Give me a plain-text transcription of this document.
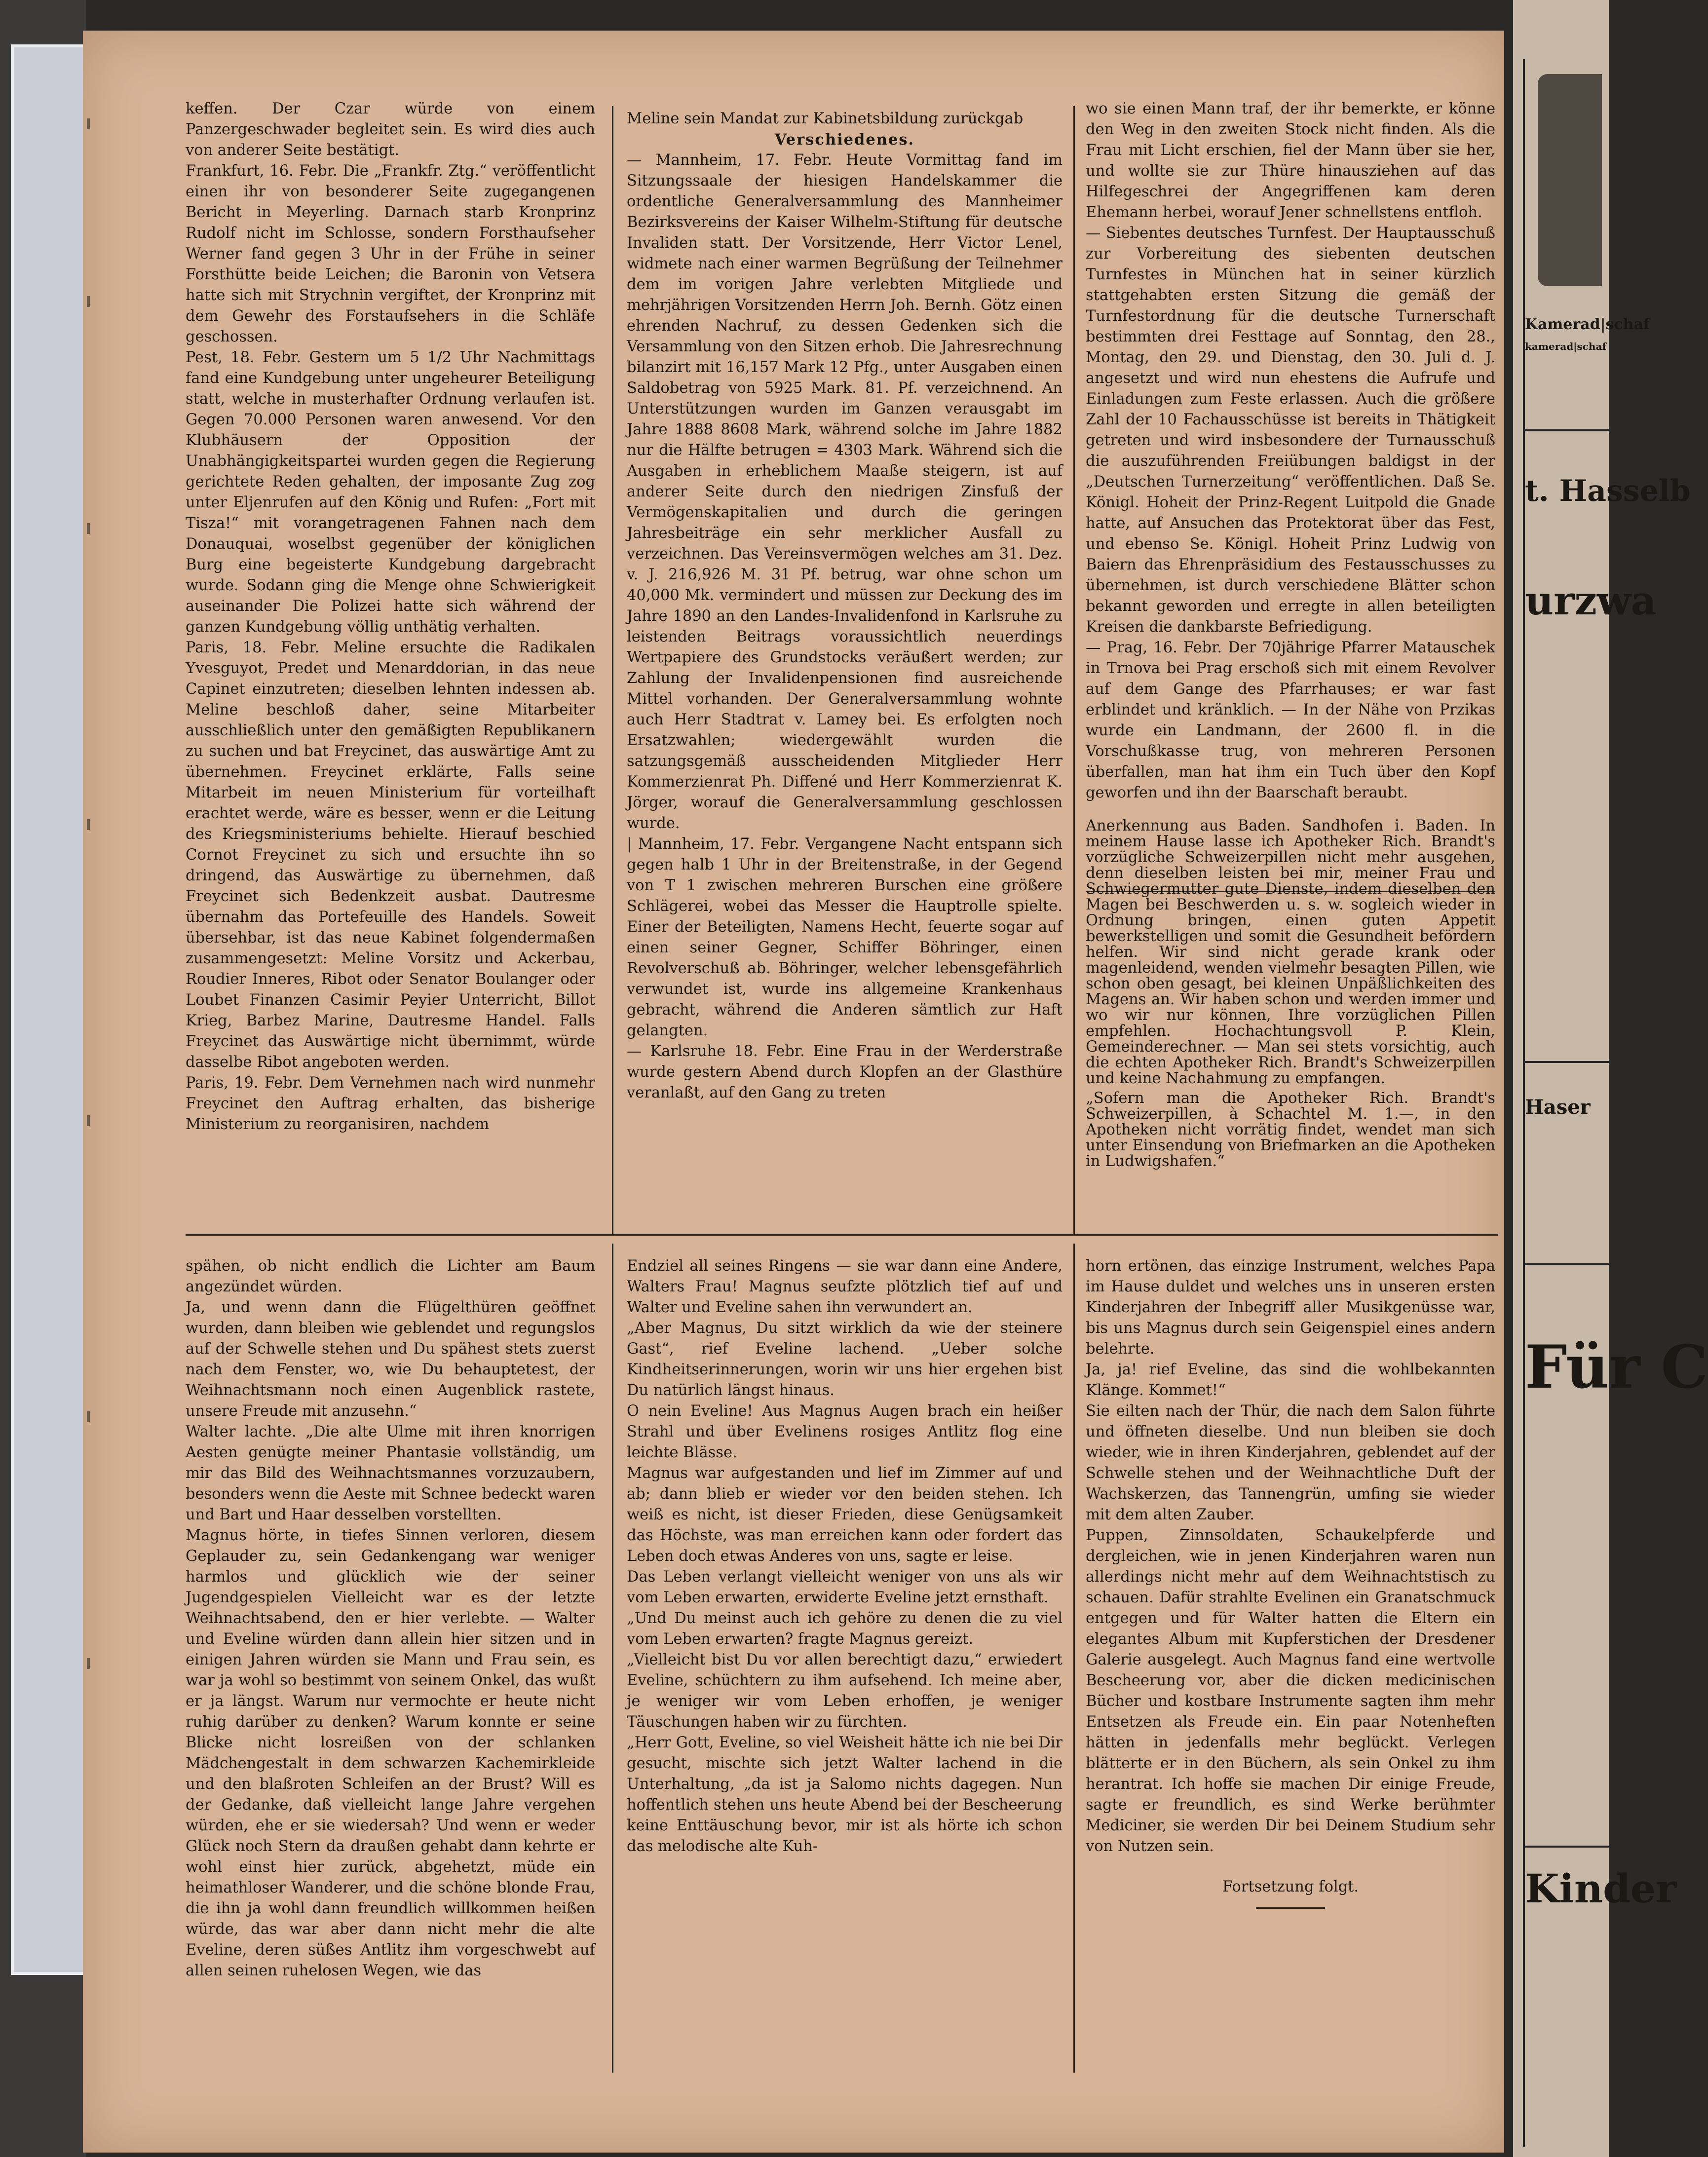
keffen. Der Czar würde von einem Panzergeschwader begleitet sein. Es wird dies auch von anderer Seite bestätigt.

Frankfurt, 16. Febr. Die „Frankfr. Ztg.“ veröffentlicht einen ihr von besonderer Seite zugegangenen Bericht in Meyerling. Darnach starb Kronprinz Rudolf nicht im Schlosse, sondern Forsthaufseher Werner fand gegen 3 Uhr in der Frühe in seiner Forsthütte beide Leichen; die Baronin von Vetsera hatte sich mit Strychnin vergiftet, der Kronprinz mit dem Gewehr des Forstaufsehers in die Schläfe geschossen.

Pest, 18. Febr. Gestern um 5 1/2 Uhr Nachmittags fand eine Kundgebung unter ungeheurer Beteiligung statt, welche in musterhafter Ordnung verlaufen ist. Gegen 70.000 Personen waren anwesend. Vor den Klubhäusern der Opposition der Unabhängigkeitspartei wurden gegen die Regierung gerichtete Reden gehalten, der imposante Zug zog unter Eljenrufen auf den König und Rufen: „Fort mit Tisza!“ mit vorangetragenen Fahnen nach dem Donauquai, woselbst gegenüber der königlichen Burg eine begeisterte Kundgebung dargebracht wurde. Sodann ging die Menge ohne Schwierigkeit auseinander Die Polizei hatte sich während der ganzen Kundgebung völlig unthätig verhalten.

Paris, 18. Febr. Meline ersuchte die Radikalen Yvesguyot, Predet und Menarddorian, in das neue Capinet einzutreten; dieselben lehnten indessen ab. Meline beschloß daher, seine Mitarbeiter ausschließlich unter den gemäßigten Republikanern zu suchen und bat Freycinet, das auswärtige Amt zu übernehmen. Freycinet erklärte, Falls seine Mitarbeit im neuen Ministerium für vorteilhaft erachtet werde, wäre es besser, wenn er die Leitung des Kriegsministeriums behielte. Hierauf beschied Cornot Freycinet zu sich und ersuchte ihn so dringend, das Auswärtige zu übernehmen, daß Freycinet sich Bedenkzeit ausbat. Dautresme übernahm das Portefeuille des Handels. Soweit übersehbar, ist das neue Kabinet folgendermaßen zusammengesetzt: Meline Vorsitz und Ackerbau, Roudier Inneres, Ribot oder Senator Boulanger oder Loubet Finanzen Casimir Peyier Unterricht, Billot Krieg, Barbez Marine, Dautresme Handel. Falls Freycinet das Auswärtige nicht übernimmt, würde dasselbe Ribot angeboten werden.

Paris, 19. Febr. Dem Vernehmen nach wird nunmehr Freycinet den Auftrag erhalten, das bisherige Ministerium zu reorganisiren, nachdem

Meline sein Mandat zur Kabinetsbildung zurückgab

Verschiedenes.

— Mannheim, 17. Febr. Heute Vormittag fand im Sitzungssaale der hiesigen Handelskammer die ordentliche Generalversammlung des Mannheimer Bezirksvereins der Kaiser Wilhelm-Stiftung für deutsche Invaliden statt. Der Vorsitzende, Herr Victor Lenel, widmete nach einer warmen Begrüßung der Teilnehmer dem im vorigen Jahre verlebten Mitgliede und mehrjährigen Vorsitzenden Herrn Joh. Bernh. Götz einen ehrenden Nachruf, zu dessen Gedenken sich die Versammlung von den Sitzen erhob. Die Jahresrechnung bilanzirt mit 16,157 Mark 12 Pfg., unter Ausgaben einen Saldobetrag von 5925 Mark. 81. Pf. verzeichnend. An Unterstützungen wurden im Ganzen verausgabt im Jahre 1888 8608 Mark, während solche im Jahre 1882 nur die Hälfte betrugen = 4303 Mark. Während sich die Ausgaben in erheblichem Maaße steigern, ist auf anderer Seite durch den niedrigen Zinsfuß der Vermögenskapitalien und durch die geringen Jahresbeiträge ein sehr merklicher Ausfall zu verzeichnen. Das Vereinsvermögen welches am 31. Dez. v. J. 216,926 M. 31 Pf. betrug, war ohne schon um 40,000 Mk. vermindert und müssen zur Deckung des im Jahre 1890 an den Landes-Invalidenfond in Karlsruhe zu leistenden Beitrags voraussichtlich neuerdings Wertpapiere des Grundstocks veräußert werden; zur Zahlung der Invalidenpensionen find ausreichende Mittel vorhanden. Der Generalversammlung wohnte auch Herr Stadtrat v. Lamey bei. Es erfolgten noch Ersatzwahlen; wiedergewählt wurden die satzungsgemäß ausscheidenden Mitglieder Herr Kommerzienrat Ph. Diffené und Herr Kommerzienrat K. Jörger, worauf die Generalversammlung geschlossen wurde.

| Mannheim, 17. Febr. Vergangene Nacht entspann sich gegen halb 1 Uhr in der Breitenstraße, in der Gegend von T 1 zwischen mehreren Burschen eine größere Schlägerei, wobei das Messer die Hauptrolle spielte. Einer der Beteiligten, Namens Hecht, feuerte sogar auf einen seiner Gegner, Schiffer Böhringer, einen Revolverschuß ab. Böhringer, welcher lebensgefährlich verwundet ist, wurde ins allgemeine Krankenhaus gebracht, während die Anderen sämtlich zur Haft gelangten.

— Karlsruhe 18. Febr. Eine Frau in der Werderstraße wurde gestern Abend durch Klopfen an der Glasthüre veranlaßt, auf den Gang zu treten

wo sie einen Mann traf, der ihr bemerkte, er könne den Weg in den zweiten Stock nicht finden. Als die Frau mit Licht erschien, fiel der Mann über sie her, und wollte sie zur Thüre hinausziehen auf das Hilfegeschrei der Angegriffenen kam deren Ehemann herbei, worauf Jener schnellstens entfloh.

— Siebentes deutsches Turnfest. Der Hauptausschuß zur Vorbereitung des siebenten deutschen Turnfestes in München hat in seiner kürzlich stattgehabten ersten Sitzung die gemäß der Turnfestordnung für die deutsche Turnerschaft bestimmten drei Festtage auf Sonntag, den 28., Montag, den 29. und Dienstag, den 30. Juli d. J. angesetzt und wird nun ehestens die Aufrufe und Einladungen zum Feste erlassen. Auch die größere Zahl der 10 Fachausschüsse ist bereits in Thätigkeit getreten und wird insbesondere der Turnausschuß die auszuführenden Freiübungen baldigst in der „Deutschen Turnerzeitung“ veröffentlichen. Daß Se. Königl. Hoheit der Prinz-Regent Luitpold die Gnade hatte, auf Ansuchen das Protektorat über das Fest, und ebenso Se. Königl. Hoheit Prinz Ludwig von Baiern das Ehrenpräsidium des Festausschusses zu übernehmen, ist durch verschiedene Blätter schon bekannt geworden und erregte in allen beteiligten Kreisen die dankbarste Befriedigung.

— Prag, 16. Febr. Der 70jährige Pfarrer Matauschek in Trnova bei Prag erschoß sich mit einem Revolver auf dem Gange des Pfarrhauses; er war fast erblindet und kränklich. — In der Nähe von Przikas wurde ein Landmann, der 2600 fl. in die Vorschußkasse trug, von mehreren Personen überfallen, man hat ihm ein Tuch über den Kopf geworfen und ihn der Baarschaft beraubt.

Anerkennung aus Baden. Sandhofen i. Baden. In meinem Hause lasse ich Apotheker Rich. Brandt's vorzügliche Schweizerpillen nicht mehr ausgehen, denn dieselben leisten bei mir, meiner Frau und Schwiegermutter gute Dienste, indem dieselben den Magen bei Beschwerden u. s. w. sogleich wieder in Ordnung bringen, einen guten Appetit bewerkstelligen und somit die Gesundheit befördern helfen. Wir sind nicht gerade krank oder magenleidend, wenden vielmehr besagten Pillen, wie schon oben gesagt, bei kleinen Unpäßlichkeiten des Magens an. Wir haben schon und werden immer und wo wir nur können, Ihre vorzüglichen Pillen empfehlen. Hochachtungsvoll P. Klein, Gemeinderechner. — Man sei stets vorsichtig, auch die echten Apotheker Rich. Brandt's Schweizerpillen und keine Nachahmung zu empfangen.

„Sofern man die Apotheker Rich. Brandt's Schweizerpillen, à Schachtel M. 1.—, in den Apotheken nicht vorrätig findet, wendet man sich unter Einsendung von Briefmarken an die Apotheken in Ludwigshafen.“

spähen, ob nicht endlich die Lichter am Baum angezündet würden.

Ja, und wenn dann die Flügelthüren geöffnet wurden, dann bleiben wie geblendet und regungslos auf der Schwelle stehen und Du spähest stets zuerst nach dem Fenster, wo, wie Du behauptetest, der Weihnachtsmann noch einen Augenblick rastete, unsere Freude mit anzusehn.“

Walter lachte. „Die alte Ulme mit ihren knorrigen Aesten genügte meiner Phantasie vollständig, um mir das Bild des Weihnachtsmannes vorzuzaubern, besonders wenn die Aeste mit Schnee bedeckt waren und Bart und Haar desselben vorstellten.

Magnus hörte, in tiefes Sinnen verloren, diesem Geplauder zu, sein Gedankengang war weniger harmlos und glücklich wie der seiner Jugendgespielen Vielleicht war es der letzte Weihnachtsabend, den er hier verlebte. — Walter und Eveline würden dann allein hier sitzen und in einigen Jahren würden sie Mann und Frau sein, es war ja wohl so bestimmt von seinem Onkel, das wußt er ja längst. Warum nur vermochte er heute nicht ruhig darüber zu denken? Warum konnte er seine Blicke nicht losreißen von der schlanken Mädchengestalt in dem schwarzen Kachemirkleide und den blaßroten Schleifen an der Brust? Will es der Gedanke, daß vielleicht lange Jahre vergehen würden, ehe er sie wiedersah? Und wenn er weder Glück noch Stern da draußen gehabt dann kehrte er wohl einst hier zurück, abgehetzt, müde ein heimathloser Wanderer, und die schöne blonde Frau, die ihn ja wohl dann freundlich willkommen heißen würde, das war aber dann nicht mehr die alte Eveline, deren süßes Antlitz ihm vorgeschwebt auf allen seinen ruhelosen Wegen, wie das

Endziel all seines Ringens — sie war dann eine Andere, Walters Frau! Magnus seufzte plötzlich tief auf und Walter und Eveline sahen ihn verwundert an.

„Aber Magnus, Du sitzt wirklich da wie der steinere Gast“, rief Eveline lachend. „Ueber solche Kindheitserinnerungen, worin wir uns hier ergehen bist Du natürlich längst hinaus.

O nein Eveline! Aus Magnus Augen brach ein heißer Strahl und über Evelinens rosiges Antlitz flog eine leichte Blässe.

Magnus war aufgestanden und lief im Zimmer auf und ab; dann blieb er wieder vor den beiden stehen. Ich weiß es nicht, ist dieser Frieden, diese Genügsamkeit das Höchste, was man erreichen kann oder fordert das Leben doch etwas Anderes von uns, sagte er leise.

Das Leben verlangt vielleicht weniger von uns als wir vom Leben erwarten, erwiderte Eveline jetzt ernsthaft.

„Und Du meinst auch ich gehöre zu denen die zu viel vom Leben erwarten? fragte Magnus gereizt.

„Vielleicht bist Du vor allen berechtigt dazu,“ erwiedert Eveline, schüchtern zu ihm aufsehend. Ich meine aber, je weniger wir vom Leben erhoffen, je weniger Täuschungen haben wir zu fürchten.

„Herr Gott, Eveline, so viel Weisheit hätte ich nie bei Dir gesucht, mischte sich jetzt Walter lachend in die Unterhaltung, „da ist ja Salomo nichts dagegen. Nun hoffentlich stehen uns heute Abend bei der Bescheerung keine Enttäuschung bevor, mir ist als hörte ich schon das melodische alte Kuh-

horn ertönen, das einzige Instrument, welches Papa im Hause duldet und welches uns in unseren ersten Kinderjahren der Inbegriff aller Musikgenüsse war, bis uns Magnus durch sein Geigenspiel eines andern belehrte.

Ja, ja! rief Eveline, das sind die wohlbekannten Klänge. Kommet!“

Sie eilten nach der Thür, die nach dem Salon führte und öffneten dieselbe. Und nun bleiben sie doch wieder, wie in ihren Kinderjahren, geblendet auf der Schwelle stehen und der Weihnachtliche Duft der Wachskerzen, das Tannengrün, umfing sie wieder mit dem alten Zauber.

Puppen, Zinnsoldaten, Schaukelpferde und dergleichen, wie in jenen Kinderjahren waren nun allerdings nicht mehr auf dem Weihnachtstisch zu schauen. Dafür strahlte Evelinen ein Granatschmuck entgegen und für Walter hatten die Eltern ein elegantes Album mit Kupferstichen der Dresdener Galerie ausgelegt. Auch Magnus fand eine wertvolle Bescheerung vor, aber die dicken medicinischen Bücher und kostbare Instrumente sagten ihm mehr Entsetzen als Freude ein. Ein paar Notenheften hätten in jedenfalls mehr beglückt. Verlegen blätterte er in den Büchern, als sein Onkel zu ihm herantrat. Ich hoffe sie machen Dir einige Freude, sagte er freundlich, es sind Werke berühmter Mediciner, sie werden Dir bei Deinem Studium sehr von Nutzen sein.

Fortsetzung folgt.

Kamerad|schaf
kamerad|schaf
t. Hasselb
urzwa
Haser
Für C
Kinder
